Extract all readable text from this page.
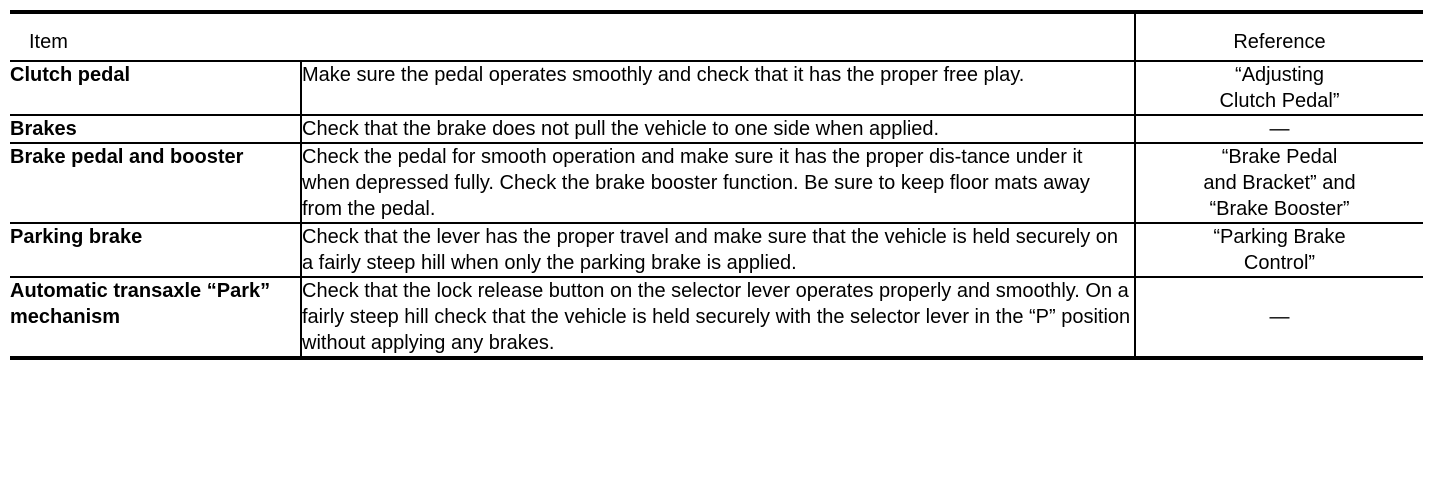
Item		Reference
Clutch pedal	Make sure the pedal operates smoothly and check that it has the proper free play.	“Adjusting
Clutch Pedal”

Brakes	Check that the brake does not pull the vehicle to one side when applied.	—

Brake pedal and booster	Check the pedal for smooth operation and make sure it has the proper dis-tance under it when depressed fully. Check the brake booster function. Be sure to keep floor mats away from the pedal.	“Brake Pedal
and Bracket” and
“Brake Booster”

Parking brake	Check that the lever has the proper travel and make sure that the vehicle is held securely on a fairly steep hill when only the parking brake is applied.	“Parking Brake
Control”

Automatic transaxle “Park” mechanism	Check that the lock release button on the selector lever operates properly and smoothly. On a fairly steep hill check that the vehicle is held securely with the selector lever in the “P” position without applying any brakes.	—
